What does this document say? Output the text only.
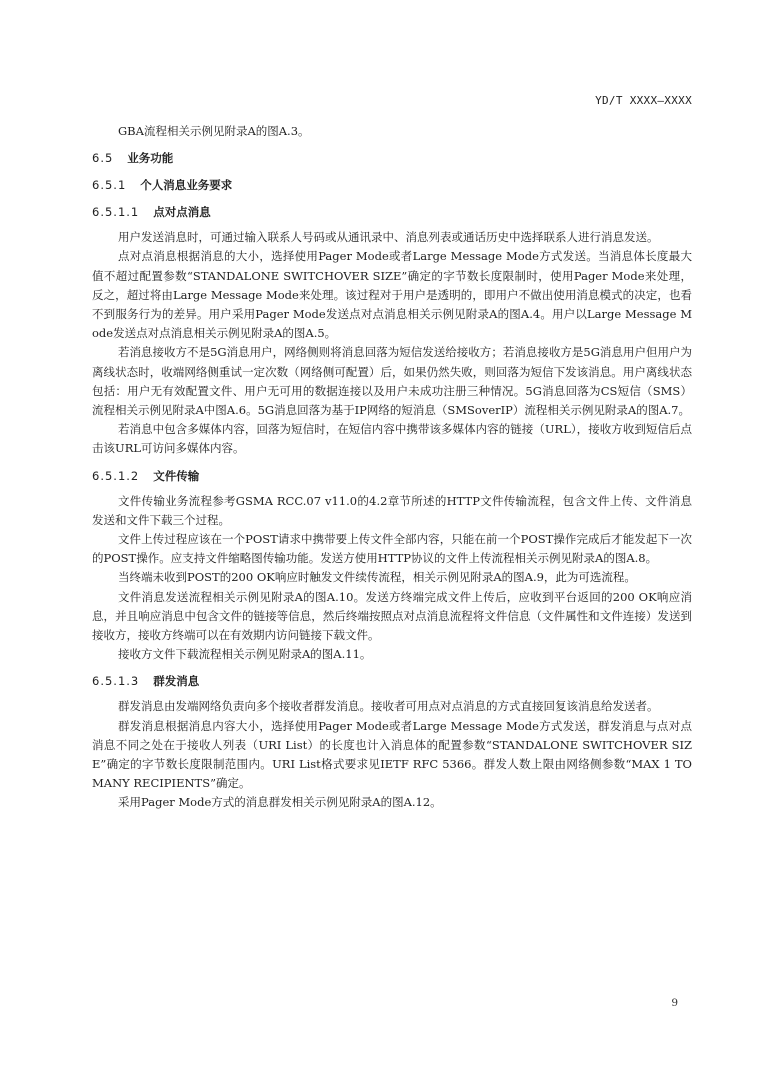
YD/T XXXX—XXXX

GBA流程相关示例见附录A的图A.3。

6.5 业务功能
6.5.1 个人消息业务要求
6.5.1.1 点对点消息

用户发送消息时，可通过输入联系人号码或从通讯录中、消息列表或通话历史中选择联系人进行消息发送。

点对点消息根据消息的大小，选择使用Pager Mode或者Large Message Mode方式发送。当消息体长度最大值不超过配置参数“STANDALONE SWITCHOVER SIZE”确定的字节数长度限制时，使用Pager Mode来处理，反之，超过将由Large Message Mode来处理。该过程对于用户是透明的，即用户不做出使用消息模式的决定，也看不到服务行为的差异。用户采用Pager Mode发送点对点消息相关示例见附录A的图A.4。用户以Large Message Mode发送点对点消息相关示例见附录A的图A.5。

若消息接收方不是5G消息用户，网络侧则将消息回落为短信发送给接收方；若消息接收方是5G消息用户但用户为离线状态时，收端网络侧重试一定次数（网络侧可配置）后，如果仍然失败，则回落为短信下发该消息。用户离线状态包括：用户无有效配置文件、用户无可用的数据连接以及用户未成功注册三种情况。5G消息回落为CS短信（SMS）流程相关示例见附录A中图A.6。5G消息回落为基于IP网络的短消息（SMSoverIP）流程相关示例见附录A的图A.7。

若消息中包含多媒体内容，回落为短信时，在短信内容中携带该多媒体内容的链接（URL），接收方收到短信后点击该URL可访问多媒体内容。

6.5.1.2 文件传输

文件传输业务流程参考GSMA RCC.07 v11.0的4.2章节所述的HTTP文件传输流程，包含文件上传、文件消息发送和文件下载三个过程。

文件上传过程应该在一个POST请求中携带要上传文件全部内容，只能在前一个POST操作完成后才能发起下一次的POST操作。应支持文件缩略图传输功能。发送方使用HTTP协议的文件上传流程相关示例见附录A的图A.8。

当终端未收到POST的200 OK响应时触发文件续传流程，相关示例见附录A的图A.9，此为可选流程。

文件消息发送流程相关示例见附录A的图A.10。发送方终端完成文件上传后，应收到平台返回的200 OK响应消息，并且响应消息中包含文件的链接等信息，然后终端按照点对点消息流程将文件信息（文件属性和文件连接）发送到接收方，接收方终端可以在有效期内访问链接下载文件。

接收方文件下载流程相关示例见附录A的图A.11。

6.5.1.3 群发消息

群发消息由发端网络负责向多个接收者群发消息。接收者可用点对点消息的方式直接回复该消息给发送者。

群发消息根据消息内容大小，选择使用Pager Mode或者Large Message Mode方式发送，群发消息与点对点消息不同之处在于接收人列表（URI List）的长度也计入消息体的配置参数“STANDALONE SWITCHOVER SIZE”确定的字节数长度限制范围内。URI List格式要求见IETF RFC 5366。群发人数上限由网络侧参数“MAX 1 TO MANY RECIPIENTS”确定。

采用Pager Mode方式的消息群发相关示例见附录A的图A.12。

9
